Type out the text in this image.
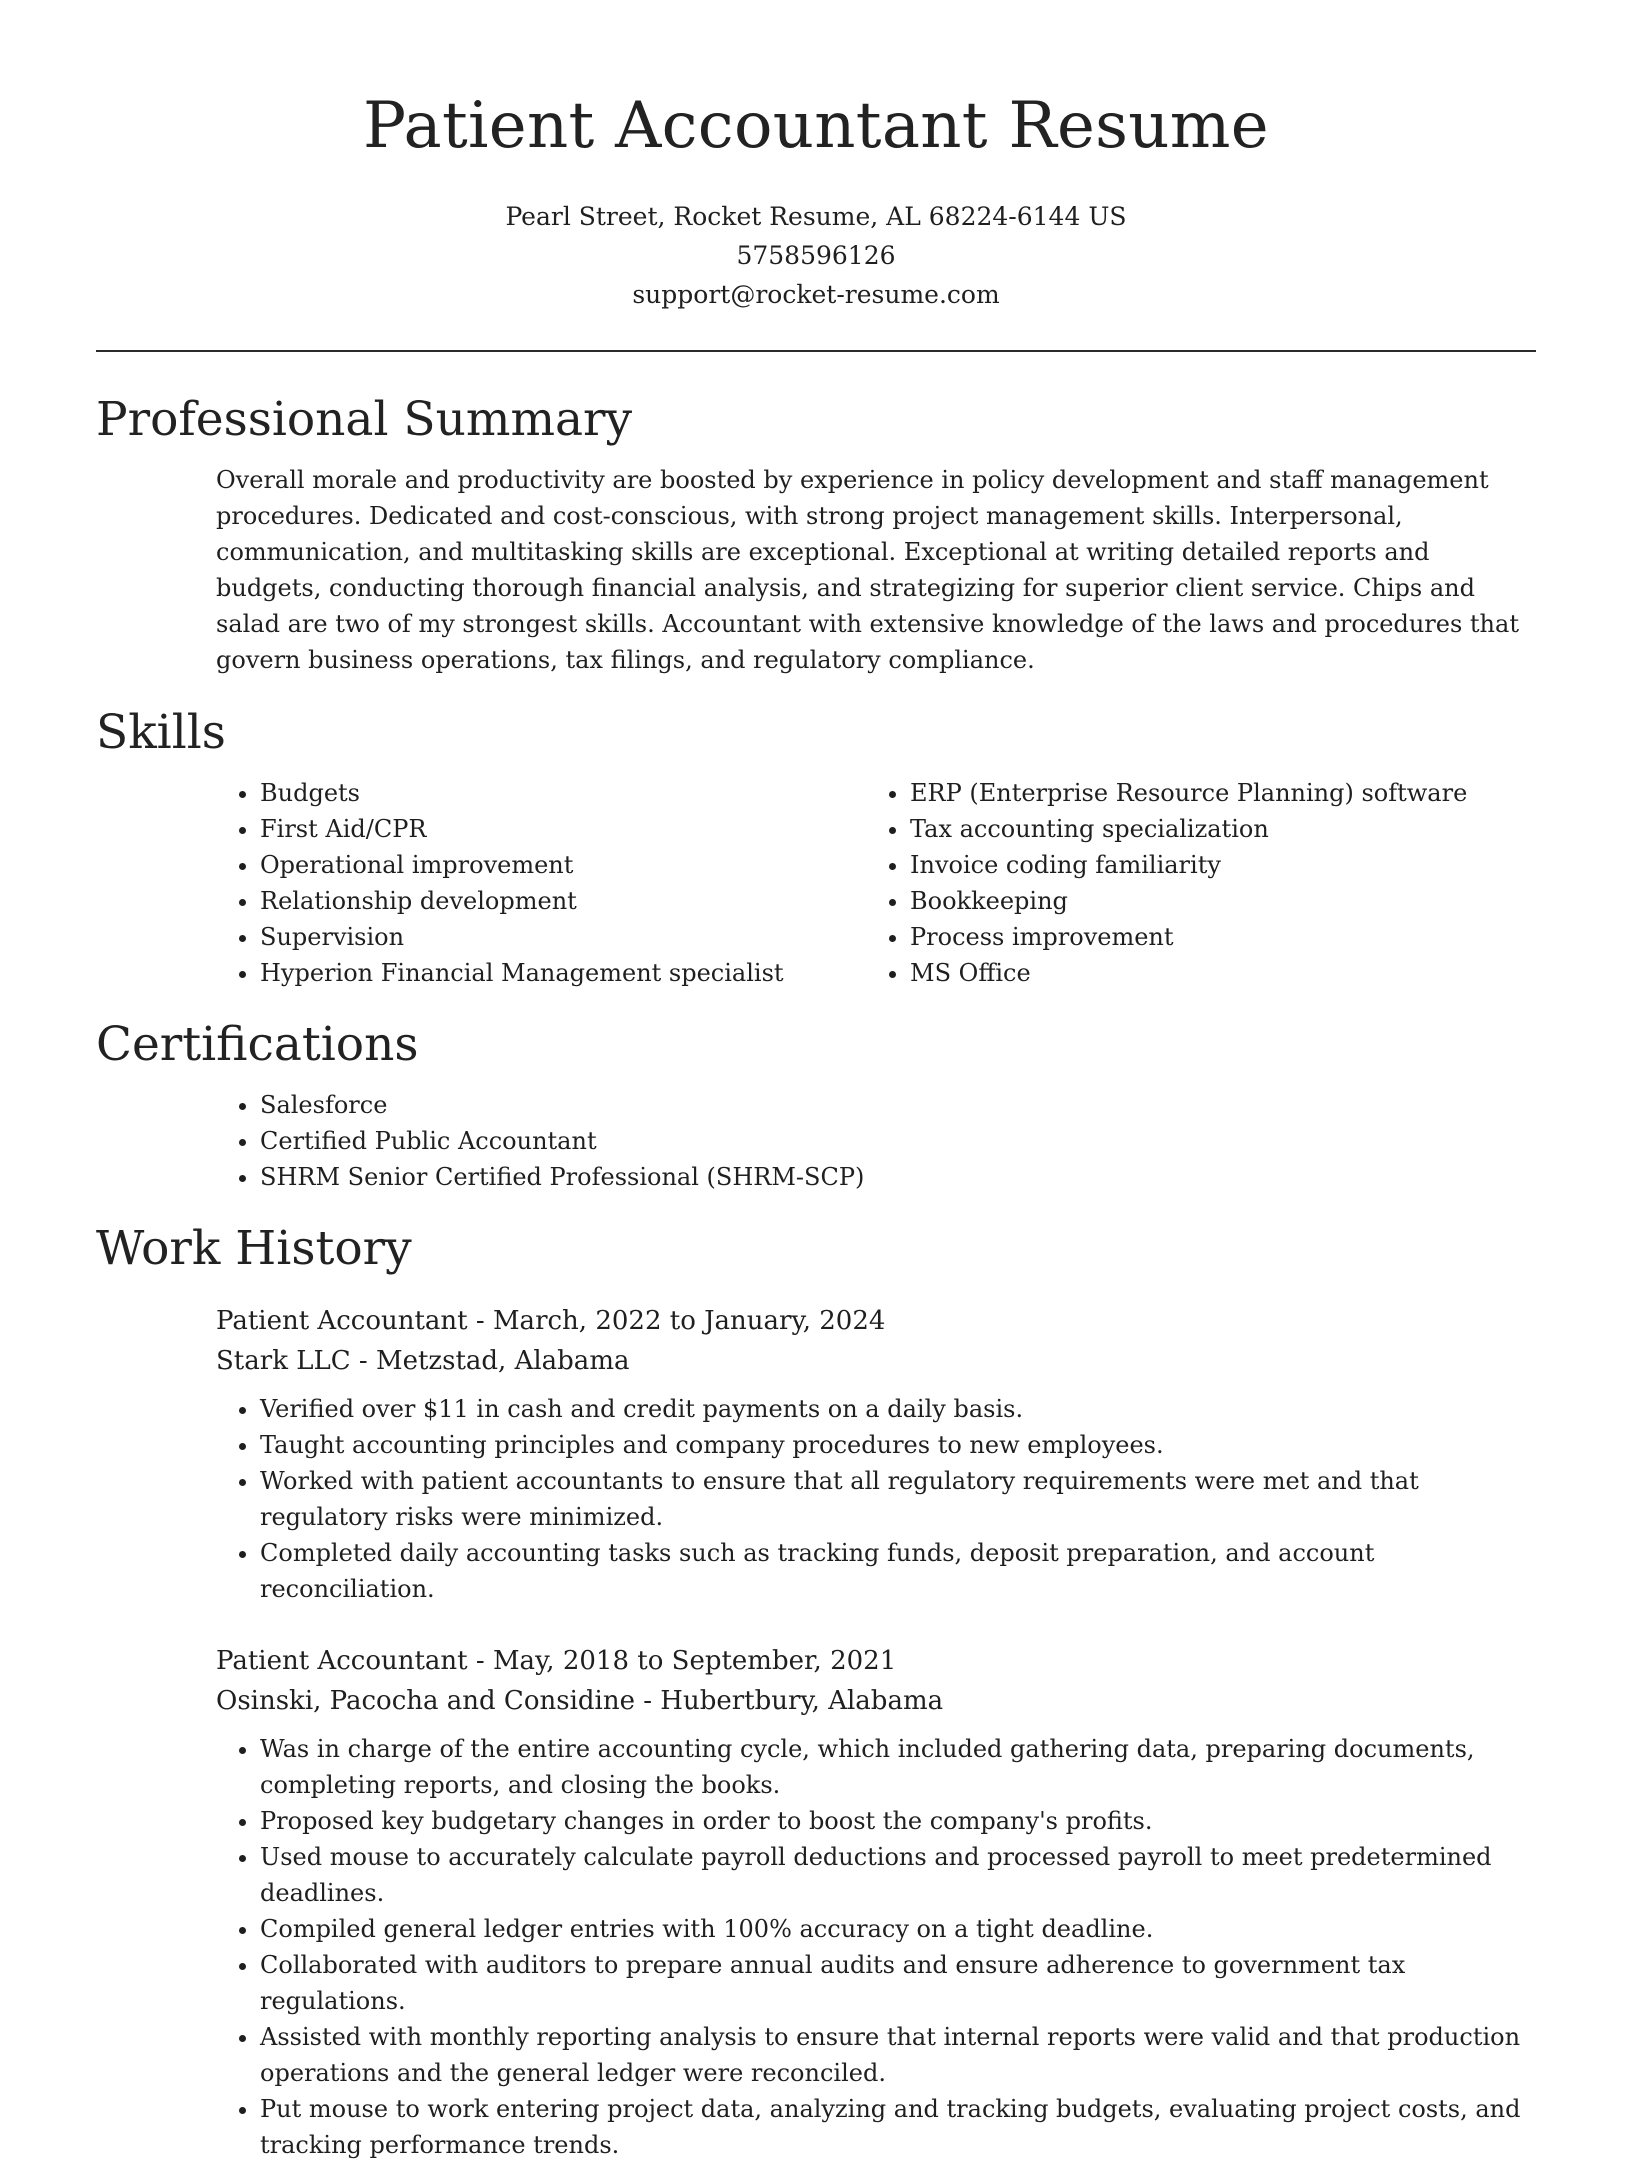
Patient Accountant Resume
Pearl Street, Rocket Resume, AL 68224-6144 US
5758596126
support@rocket-resume.com
Professional Summary

Overall morale and productivity are boosted by experience in policy development and staff management procedures. Dedicated and cost-conscious, with strong project management skills. Interpersonal, communication, and multitasking skills are exceptional. Exceptional at writing detailed reports and budgets, conducting thorough financial analysis, and strategizing for superior client service. Chips and salad are two of my strongest skills. Accountant with extensive knowledge of the laws and procedures that govern business operations, tax filings, and regulatory compliance.

Skills
• Budgets
• First Aid/CPR
• Operational improvement
• Relationship development
• Supervision
• Hyperion Financial Management specialist
• ERP (Enterprise Resource Planning) software
• Tax accounting specialization
• Invoice coding familiarity
• Bookkeeping
• Process improvement
• MS Office
Certifications
• Salesforce
• Certified Public Accountant
• SHRM Senior Certified Professional (SHRM-SCP)
Work History
Patient Accountant - March, 2022 to January, 2024
Stark LLC - Metzstad, Alabama
• Verified over $11 in cash and credit payments on a daily basis.
• Taught accounting principles and company procedures to new employees.
• Worked with patient accountants to ensure that all regulatory requirements were met and that regulatory risks were minimized.
• Completed daily accounting tasks such as tracking funds, deposit preparation, and account reconciliation.
Patient Accountant - May, 2018 to September, 2021
Osinski, Pacocha and Considine - Hubertbury, Alabama
• Was in charge of the entire accounting cycle, which included gathering data, preparing documents, completing reports, and closing the books.
• Proposed key budgetary changes in order to boost the company's profits.
• Used mouse to accurately calculate payroll deductions and processed payroll to meet predetermined deadlines.
• Compiled general ledger entries with 100% accuracy on a tight deadline.
• Collaborated with auditors to prepare annual audits and ensure adherence to government tax regulations.
• Assisted with monthly reporting analysis to ensure that internal reports were valid and that production operations and the general ledger were reconciled.
• Put mouse to work entering project data, analyzing and tracking budgets, evaluating project costs, and tracking performance trends.
